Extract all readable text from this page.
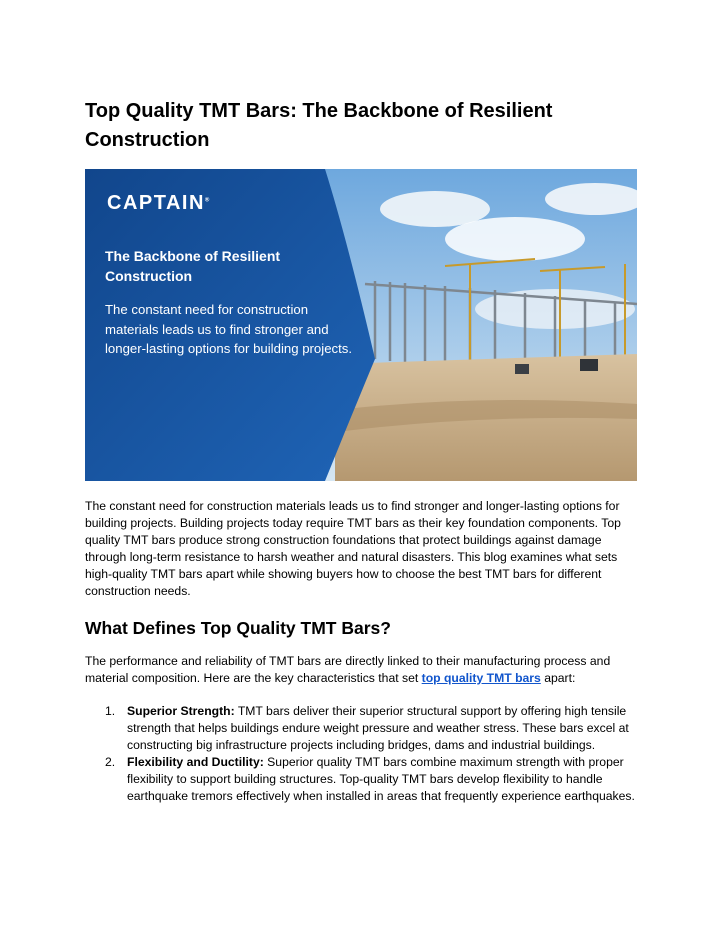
Top Quality TMT Bars: The Backbone of Resilient Construction
CAPTAIN®
The Backbone of Resilient Construction
The constant need for construction materials leads us to find stronger and longer-lasting options for building projects.

The constant need for construction materials leads us to find stronger and longer-lasting options for building projects. Building projects today require TMT bars as their key foundation components. Top quality TMT bars produce strong construction foundations that protect buildings against damage through long-term resistance to harsh weather and natural disasters. This blog examines what sets high-quality TMT bars apart while showing buyers how to choose the best TMT bars for different construction needs.

What Defines Top Quality TMT Bars?

The performance and reliability of TMT bars are directly linked to their manufacturing process and material composition. Here are the key characteristics that set top quality TMT bars apart:

1. Superior Strength: TMT bars deliver their superior structural support by offering high tensile strength that helps buildings endure weight pressure and weather stress. These bars excel at constructing big infrastructure projects including bridges, dams and industrial buildings.
2. Flexibility and Ductility: Superior quality TMT bars combine maximum strength with proper flexibility to support building structures. Top-quality TMT bars develop flexibility to handle earthquake tremors effectively when installed in areas that frequently experience earthquakes.
